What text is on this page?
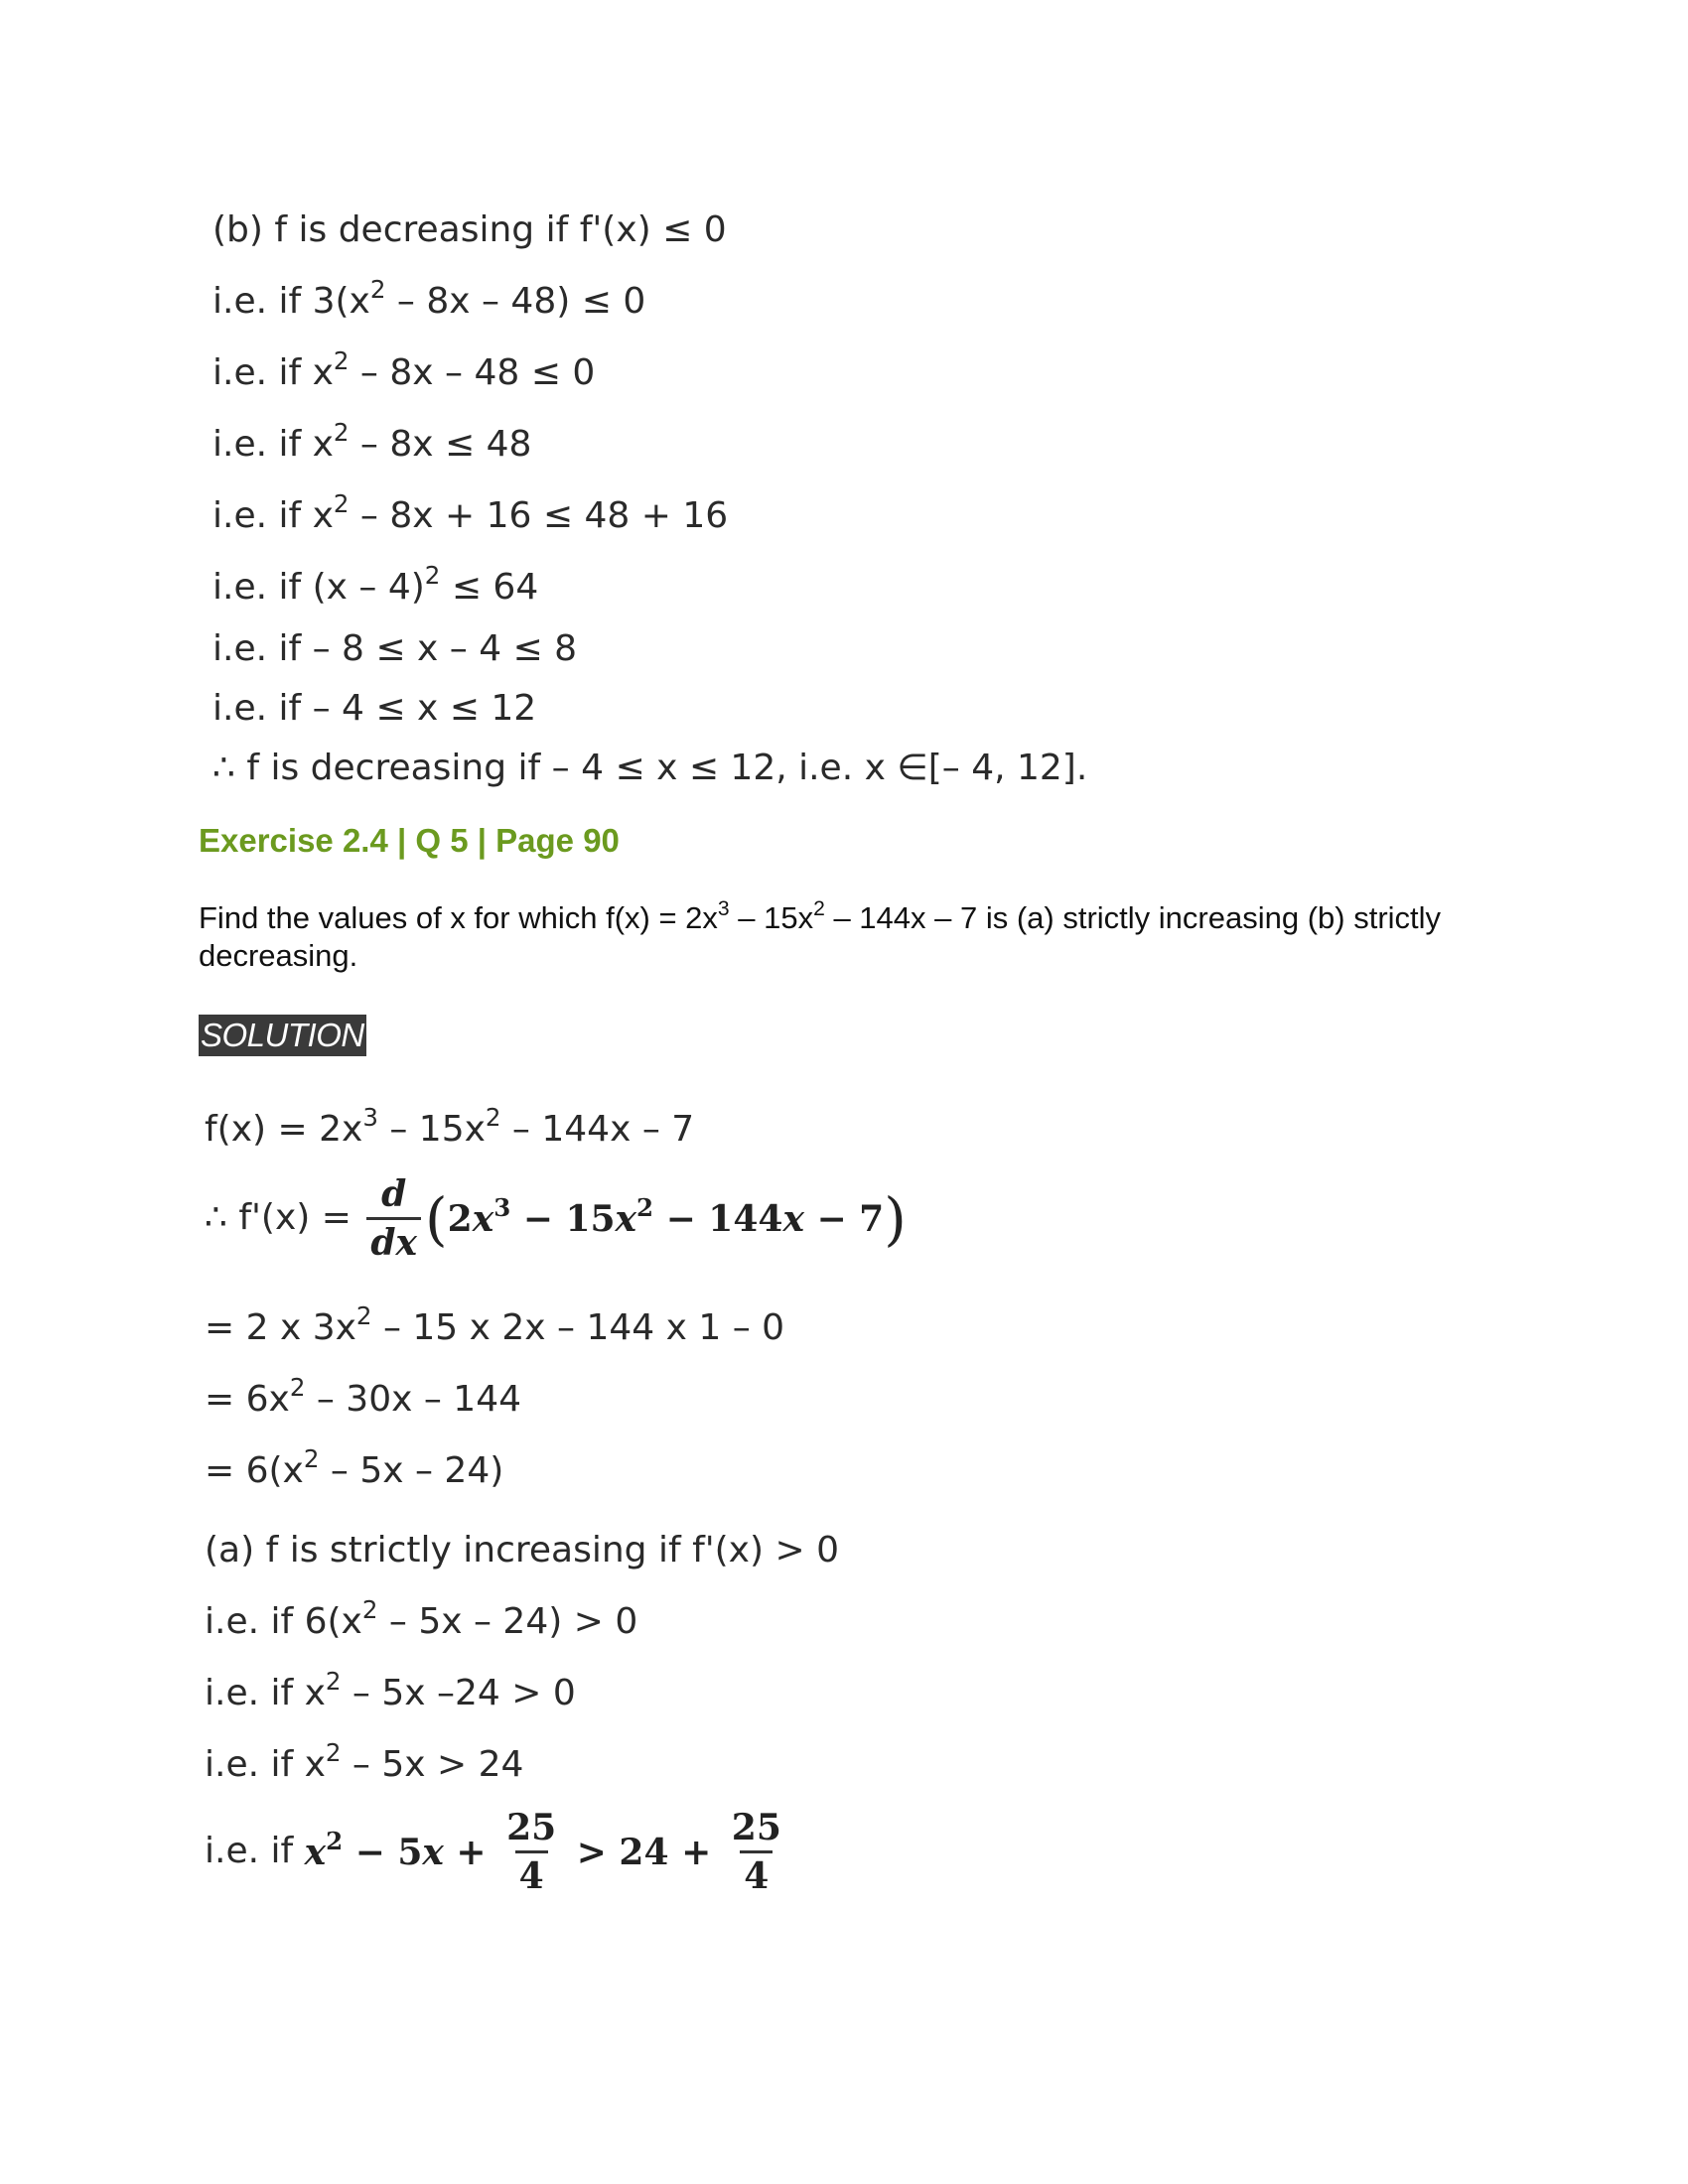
(b) f is decreasing if f'(x) ≤ 0
i.e. if $3(x^2 - 8x - 48) \le 0$
i.e. if $x^2 - 8x - 48 \le 0$
i.e. if $x^2 - 8x \le 48$
i.e. if $x^2 - 8x + 16 \le 48 + 16$
i.e. if (x – 4)$^2$ ≤ 64
i.e. if – 8 ≤ x – 4 ≤ 8
i.e. if – 4 ≤ x ≤ 12
∴ f is decreasing if – 4 ≤ x ≤ 12, i.e. x ∈[– 4, 12].
Exercise 2.4 | Q 5 | Page 90
Find the values of x for which $f(x) = 2x^3 - 15x^2 - 144x - 7$ is (a) strictly increasing (b) strictly decreasing.
SOLUTION
$f(x) = 2x^3 - 15x^2 - 144x - 7$
∴ $f'(x) = \frac{d}{dx} (2x^3 - 15x^2 - 144x - 7)$
= 2 x $3x^2 - 15$ x 2x – 144 x 1 – 0
= $6x^2 - 30x - 144$
= $6(x^2 - 5x - 24)$
(a) f is strictly increasing if f'(x) > 0
i.e. if $6(x^2 - 5x - 24) > 0$
i.e. if $x^2 - 5x$ –24 > 0
i.e. if $x^2 - 5x > 24$
i.e. if $x^2 - 5x + \frac{25}{4} > 24 + \frac{25}{4}$
